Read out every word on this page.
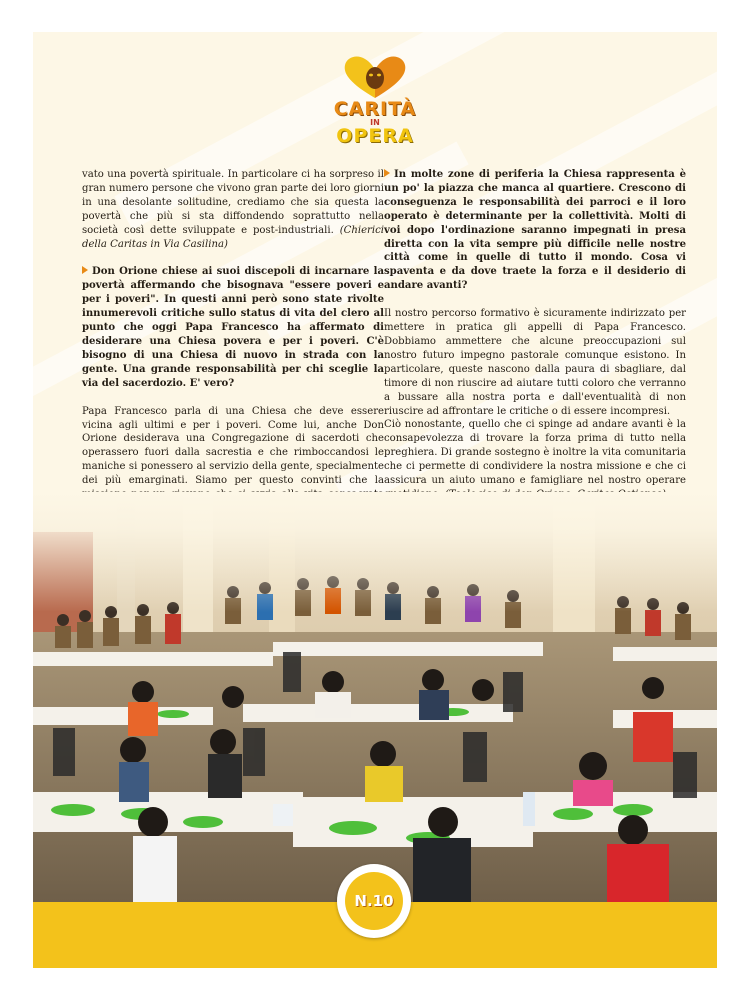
CARITÀ
IN
OPERA

vato una povertà spirituale. In particolare ci ha sorpreso il gran numero persone che vivono gran parte dei loro giorni in una desolante solitudine, crediamo che sia questa la povertà che più si sta diffondendo soprattutto nella società così dette sviluppate e post-industriali. (Chierici della Caritas in Via Casilina)

Don Orione chiese ai suoi discepoli di incarnare la povertà affermando che bisognava "essere poveri e per i poveri". In questi anni però sono state rivolte innumerevoli critiche sullo status di vita del clero al punto che oggi Papa Francesco ha affermato di desiderare una Chiesa povera e per i poveri. C'è bisogno di una Chiesa di nuovo in strada con la gente. Una grande responsabilità per chi sceglie la via del sacerdozio. E' vero?

Papa Francesco parla di una Chiesa che deve essere vicina agli ultimi e per i poveri. Come lui, anche Don Orione desiderava una Congregazione di sacerdoti che operassero fuori dalla sacrestia e che rimboccandosi le maniche si ponessero al servizio della gente, specialmente dei più emarginati. Siamo per questo convinti che la

In molte zone di periferia la Chiesa rappresenta è un po' la piazza che manca al quartiere. Crescono di conseguenza le responsabilità dei parroci e il loro operato è determinante per la collettività. Molti di voi dopo l'ordinazione saranno impegnati in presa diretta con la vita sempre più difficile nelle nostre città come in quelle di tutto il mondo. Cosa vi spaventa e da dove traete la forza e il desiderio di andare avanti?

Il nostro percorso formativo è sicuramente indirizzato per mettere in pratica gli appelli di Papa Francesco. Dobbiamo ammettere che alcune preoccupazioni sul nostro futuro impegno pastorale comunque esistono. In particolare, queste nascono dalla paura di sbagliare, dal timore di non riuscire ad aiutare tutti coloro che verranno a bussare alla nostra porta e dall'eventualità di non riuscire ad affrontare le critiche o di essere incompresi.

Ciò nonostante, quello che ci spinge ad andare avanti è la consapevolezza di trovare la forza prima di tutto nella preghiera. Di grande sostegno è inoltre la vita comunitaria che ci permette di condividere la nostra missione e che ci assicura un aiuto umano e famigliare nel nostro operare

N.10
